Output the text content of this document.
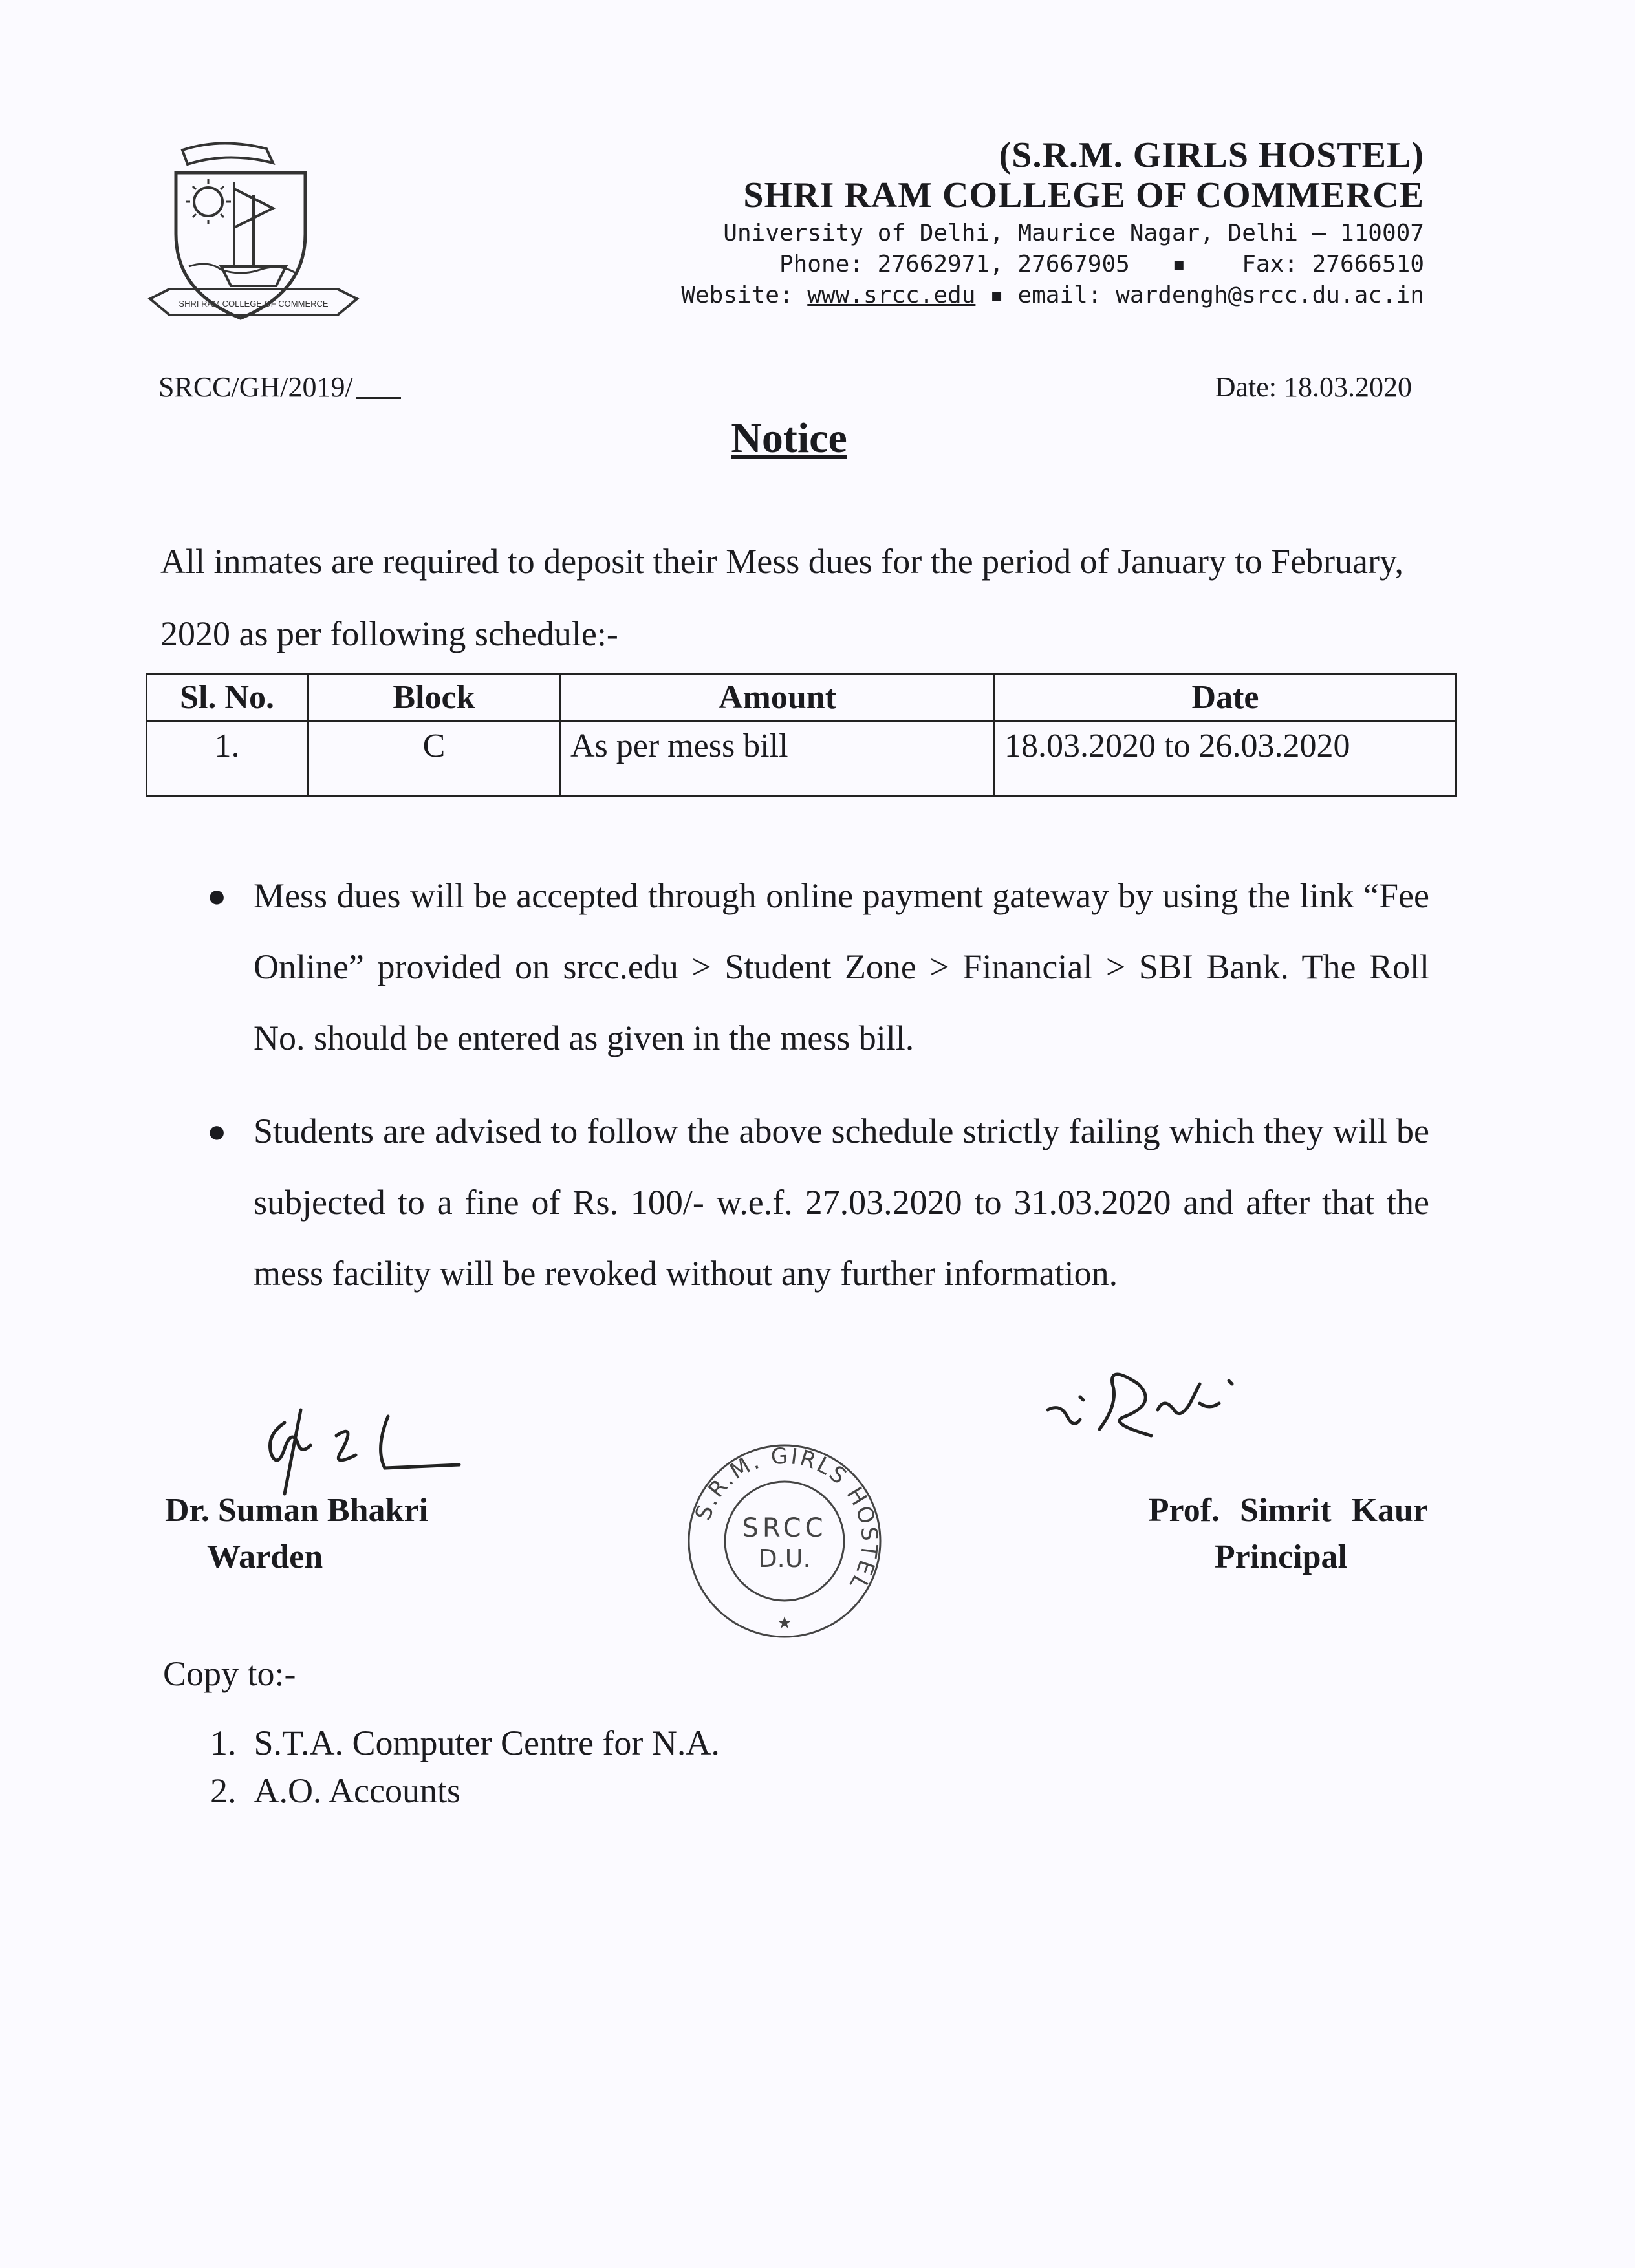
SHRI RAM COLLEGE OF COMMERCE
(S.R.M. GIRLS HOSTEL)
SHRI RAM COLLEGE OF COMMERCE
University of Delhi, Maurice Nagar, Delhi – 110007
Phone: 27662971, 27667905   ▪    Fax: 27666510
Website: www.srcc.edu ▪ email: wardengh@srcc.du.ac.in
SRCC/GH/2019/	Date: 18.03.2020
Notice
All inmates are required to deposit their Mess dues for the period of January to February, 2020 as per following schedule:-
Sl. No.	Block	Amount	Date
1.	C	As per mess bill	18.03.2020 to 26.03.2020
● Mess dues will be accepted through online payment gateway by using the link “Fee Online” provided on srcc.edu > Student Zone > Financial > SBI Bank. The Roll No. should be entered as given in the mess bill.
● Students are advised to follow the above schedule strictly failing which they will be subjected to a fine of Rs. 100/- w.e.f. 27.03.2020 to 31.03.2020 and after that the mess facility will be revoked without any further information.
Dr. Suman Bhakri
Warden
S.R.M. GIRLS HOSTEL
SRCC
D.U.
★
Prof. Simrit Kaur
Principal
Copy to:-
1.  S.T.A. Computer Centre for N.A.
2.  A.O. Accounts
